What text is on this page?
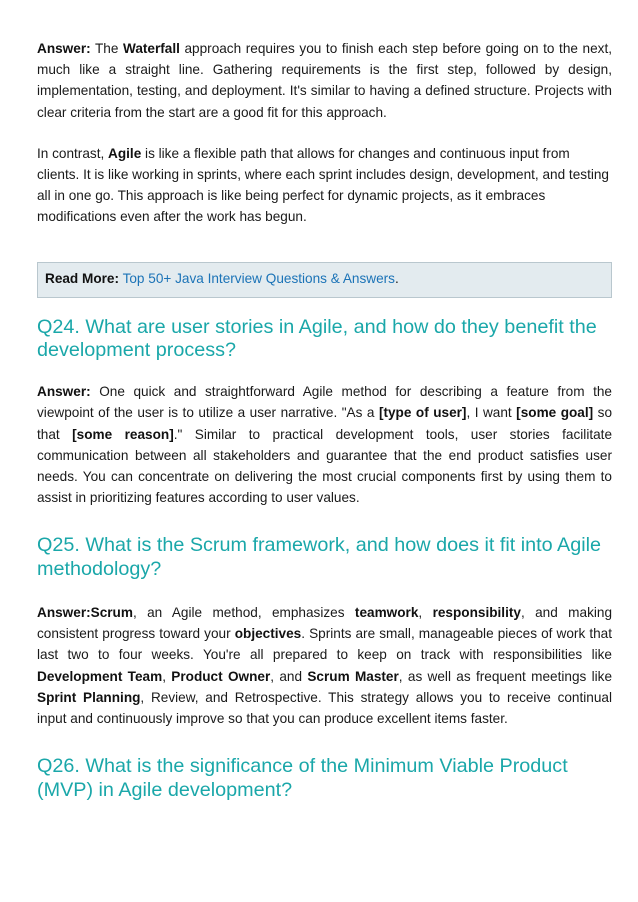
Answer: The Waterfall approach requires you to finish each step before going on to the next, much like a straight line. Gathering requirements is the first step, followed by design, implementation, testing, and deployment. It's similar to having a defined structure. Projects with clear criteria from the start are a good fit for this approach.

In contrast, Agile is like a flexible path that allows for changes and continuous input from clients. It is like working in sprints, where each sprint includes design, development, and testing all in one go. This approach is like being perfect for dynamic projects, as it embraces modifications even after the work has begun.

Read More: Top 50+ Java Interview Questions & Answers.
Q24. What are user stories in Agile, and how do they benefit the development process?

Answer: One quick and straightforward Agile method for describing a feature from the viewpoint of the user is to utilize a user narrative. "As a [type of user], I want [some goal] so that [some reason]." Similar to practical development tools, user stories facilitate communication between all stakeholders and guarantee that the end product satisfies user needs. You can concentrate on delivering the most crucial components first by using them to assist in prioritizing features according to user values.

Q25. What is the Scrum framework, and how does it fit into Agile methodology?

Answer:Scrum, an Agile method, emphasizes teamwork, responsibility, and making consistent progress toward your objectives. Sprints are small, manageable pieces of work that last two to four weeks. You're all prepared to keep on track with responsibilities like Development Team, Product Owner, and Scrum Master, as well as frequent meetings like Sprint Planning, Review, and Retrospective. This strategy allows you to receive continual input and continuously improve so that you can produce excellent items faster.

Q26. What is the significance of the Minimum Viable Product (MVP) in Agile development?
